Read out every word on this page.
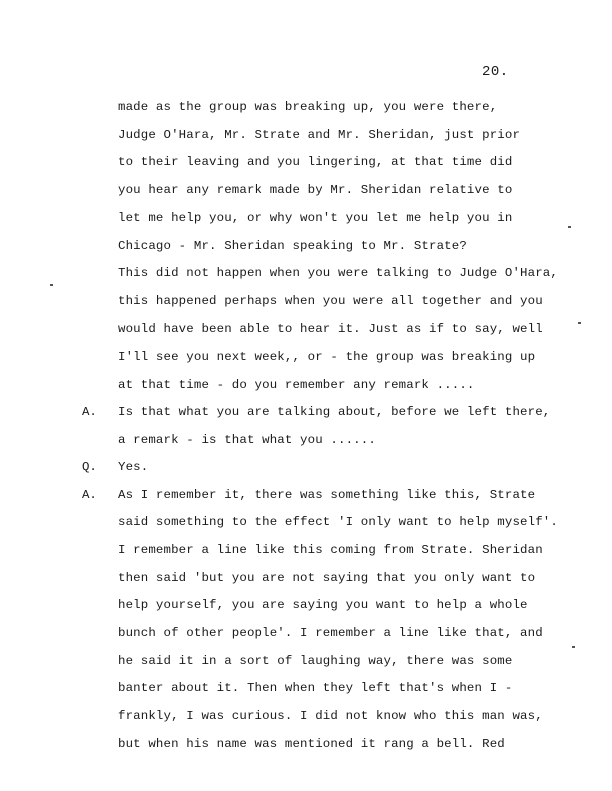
20.
made as the group was breaking up, you were there,
Judge O'Hara, Mr. Strate and Mr. Sheridan, just prior
to their leaving and you lingering, at that time did
you hear any remark made by Mr. Sheridan relative to
let me help you, or why won't you let me help you in
Chicago - Mr. Sheridan speaking to Mr. Strate?
This did not happen when you were talking to Judge O'Hara,
this happened perhaps when you were all together and you
would have been able to hear it. Just as if to say, well
I'll see you next week,, or - the group was breaking up
at that time - do you remember any remark .....
A. Is that what you are talking about, before we left there,
a remark - is that what you ......
Q. Yes.
A. As I remember it, there was something like this, Strate
said something to the effect 'I only want to help myself'.
I remember a line like this coming from Strate. Sheridan
then said 'but you are not saying that you only want to
help yourself, you are saying you want to help a whole
bunch of other people'. I remember a line like that, and
he said it in a sort of laughing way, there was some
banter about it. Then when they left that's when I -
frankly, I was curious. I did not know who this man was,
but when his name was mentioned it rang a bell. Red
